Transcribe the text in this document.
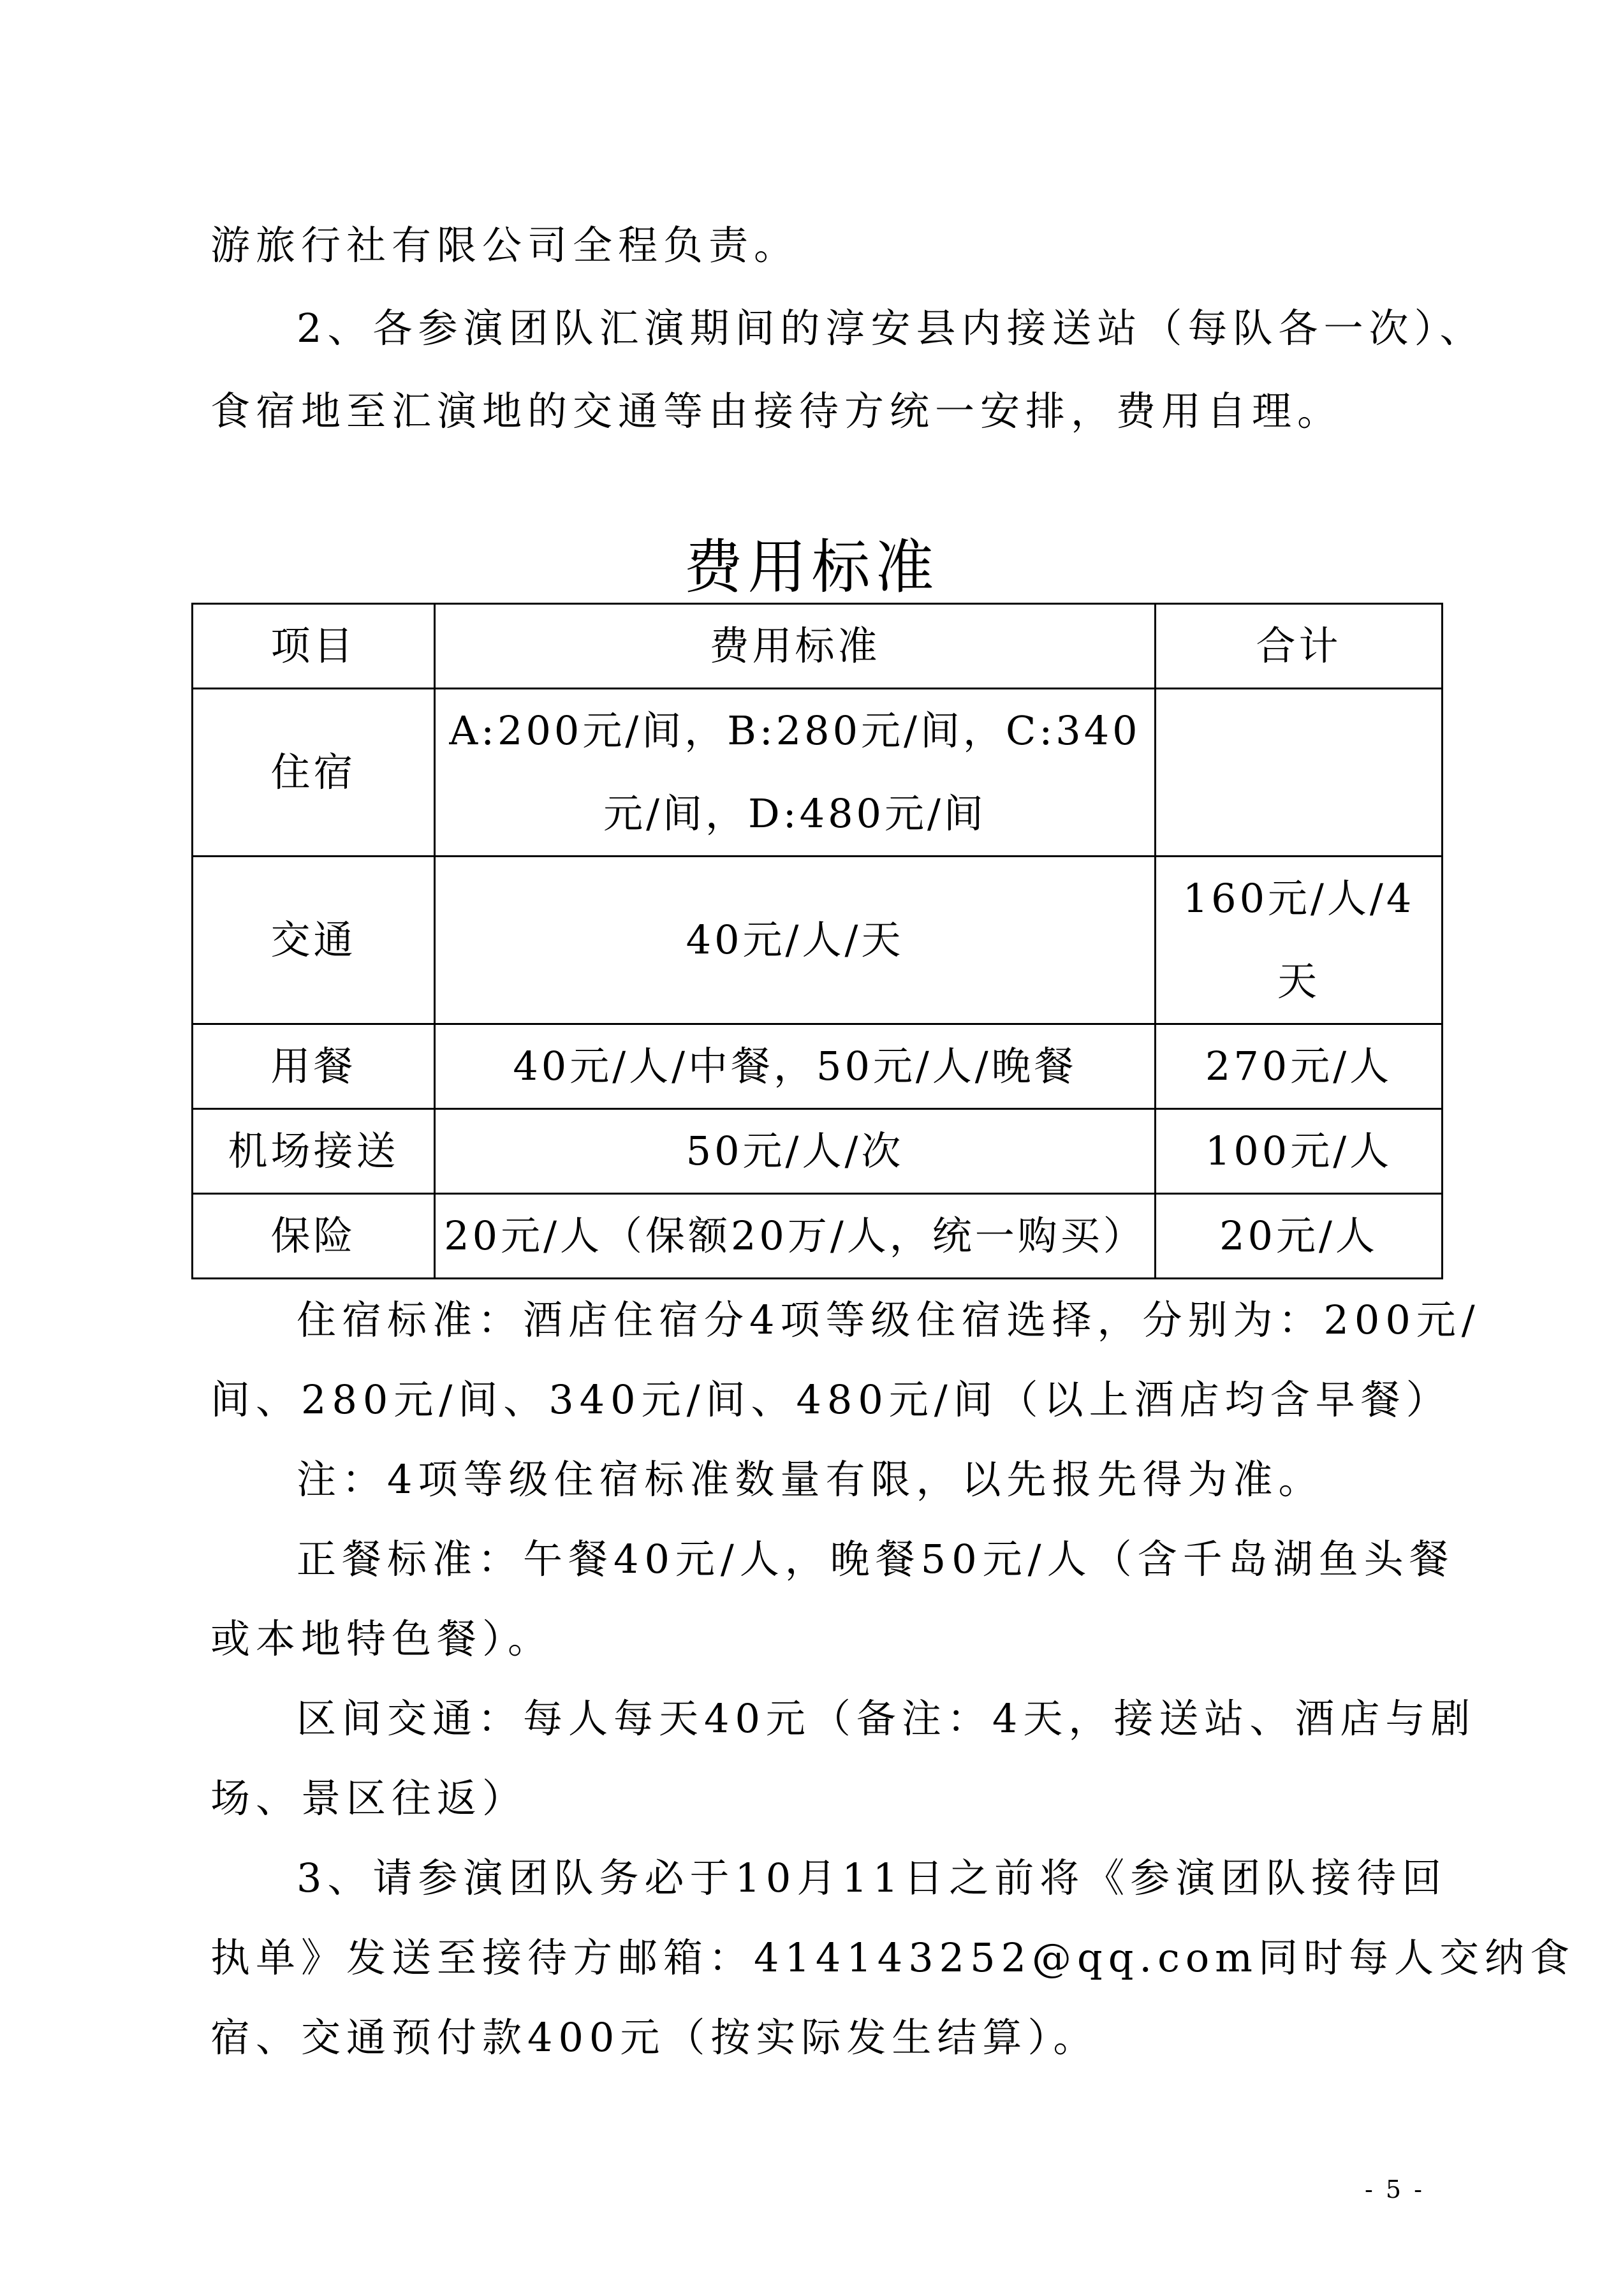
游旅行社有限公司全程负责。
2、各参演团队汇演期间的淳安县内接送站（每队各一次）、
食宿地至汇演地的交通等由接待方统一安排，费用自理。
费用标准
项目	费用标准	合计
住宿	A:200元/间，B:280元/间，C:340
元/间，D:480元/间	

交通	40元/人/天	160元/人/4
天

用餐	40元/人/中餐，50元/人/晚餐	270元/人
机场接送	50元/人/次	100元/人
保险	20元/人（保额20万/人，统一购买）	20元/人
住宿标准：酒店住宿分4项等级住宿选择，分别为：200元/
间、280元/间、340元/间、480元/间（以上酒店均含早餐）
注：4项等级住宿标准数量有限，以先报先得为准。
正餐标准：午餐40元/人，晚餐50元/人（含千岛湖鱼头餐
或本地特色餐）。
区间交通：每人每天40元（备注：4天，接送站、酒店与剧
场、景区往返）
3、请参演团队务必于10月11日之前将《参演团队接待回
执单》发送至接待方邮箱：414143252@qq.com同时每人交纳食
宿、交通预付款400元（按实际发生结算）。
- 5 -
